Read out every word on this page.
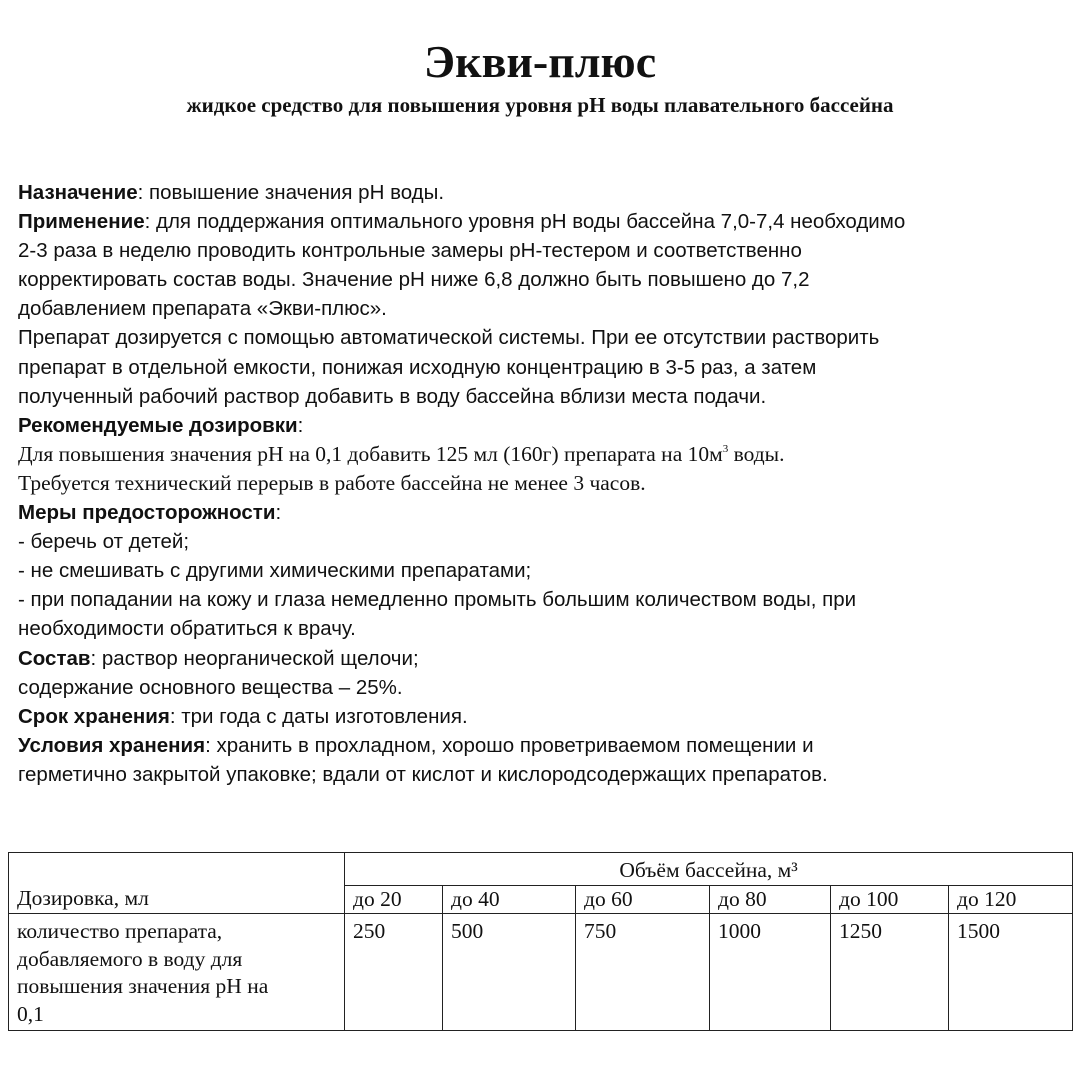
Экви-плюс
жидкое средство для повышения уровня pH воды плавательного бассейна
Назначение: повышение значения pH воды.
Применение: для поддержания оптимального уровня pH воды бассейна 7,0-7,4 необходимо
2-3 раза в неделю проводить контрольные замеры pH-тестером и соответственно
корректировать состав воды. Значение pH ниже 6,8 должно быть повышено до 7,2
добавлением препарата «Экви-плюс».
Препарат дозируется с помощью автоматической системы. При ее отсутствии растворить
препарат в отдельной емкости, понижая исходную концентрацию в 3-5 раз, а затем
полученный рабочий раствор добавить в воду бассейна вблизи места подачи.
Рекомендуемые дозировки:
Для повышения значения pH на 0,1 добавить 125 мл (160г) препарата на $10м^3$ воды.
Требуется технический перерыв в работе бассейна не менее 3 часов.
Меры предосторожности:
- беречь от детей;
- не смешивать с другими химическими препаратами;
- при попадании на кожу и глаза немедленно промыть большим количеством воды, при
необходимости обратиться к врачу.
Состав: раствор неорганической щелочи;
содержание основного вещества – 25%.
Срок хранения: три года с даты изготовления.
Условия хранения: хранить в прохладном, хорошо проветриваемом помещении и
герметично закрытой упаковке; вдали от кислот и кислородсодержащих препаратов.
Дозировка, мл	Объём бассейна, м³					
	до 20	до 40	до 60	до 80	до 100	до 120

количество препарата,
добавляемого в воду для
повышения значения pH на
0,1	250	500	750	1000	1250	1500
